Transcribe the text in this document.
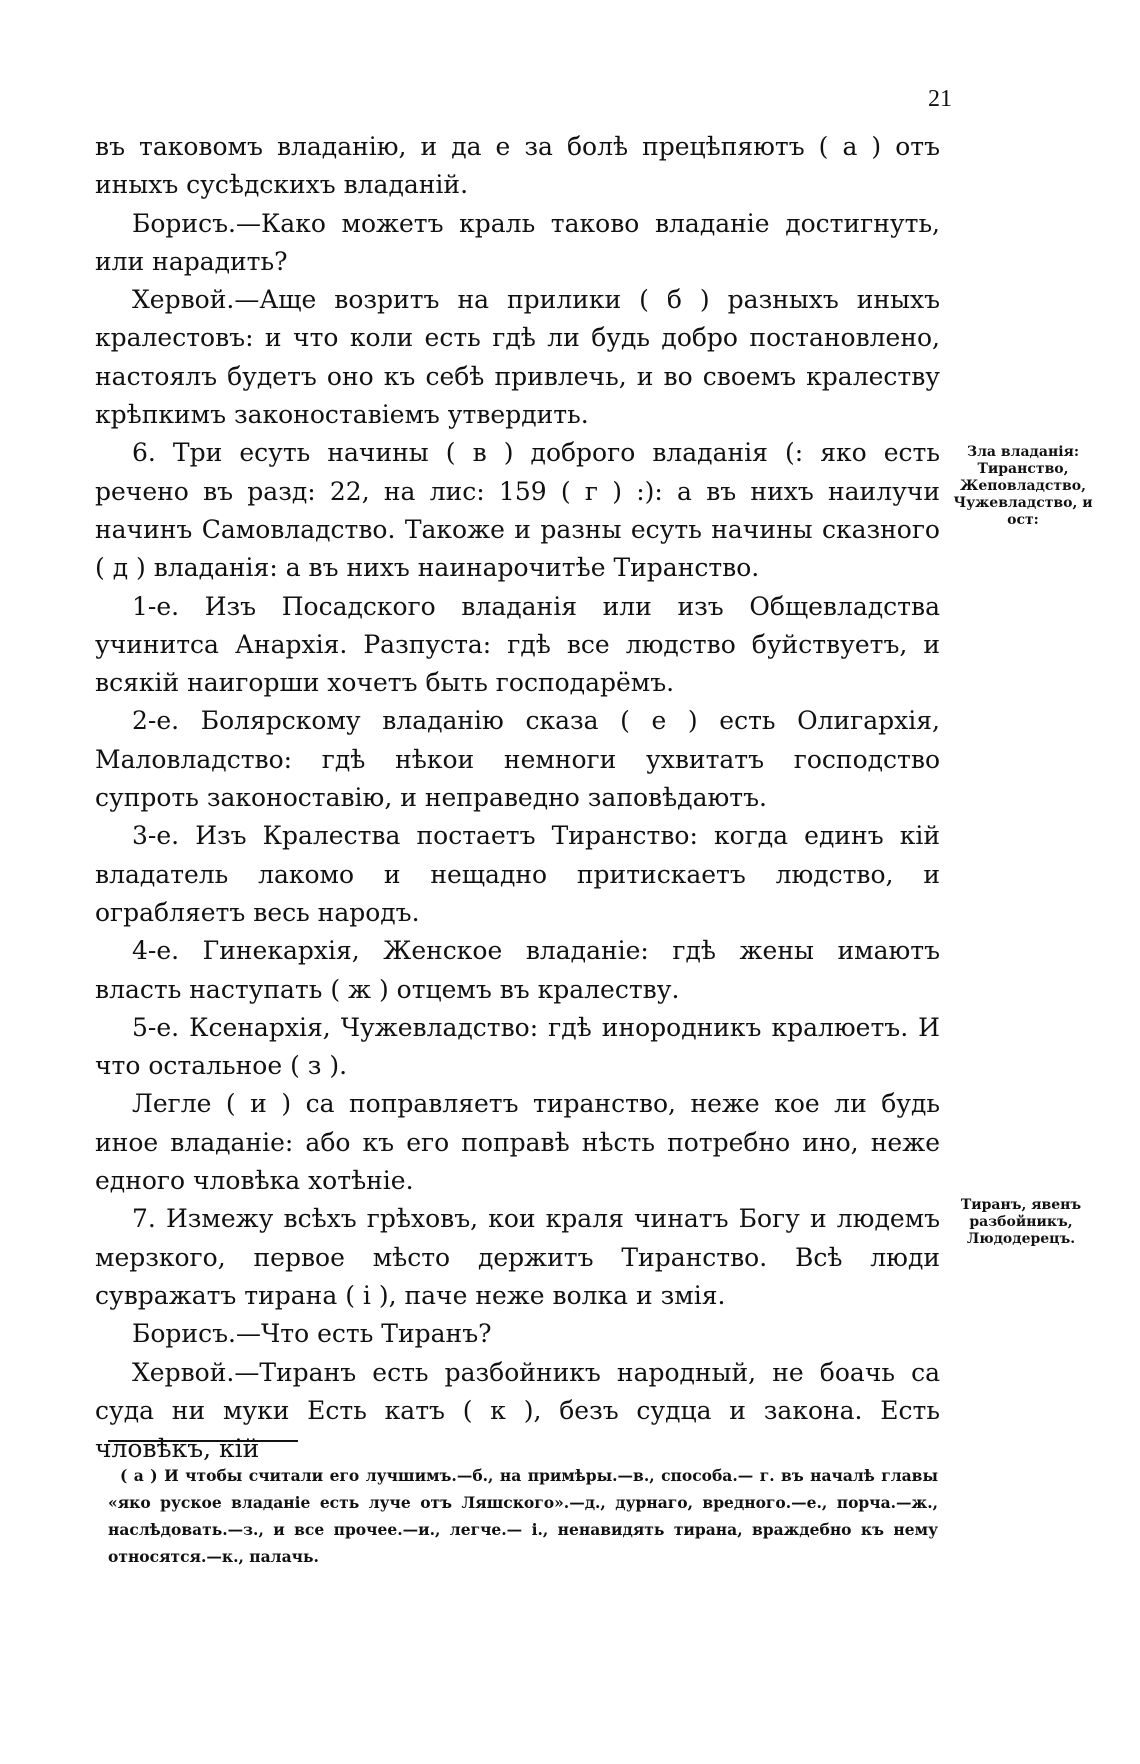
21

въ таковомъ владанію, и да е за болѣ прецѣпяютъ ( а ) отъ иныхъ сусѣдскихъ владаній.

Борисъ.—Како можетъ краль таково владаніе достигнуть, или нарадить?

Хервой.—Аще возритъ на прилики ( б ) разныхъ иныхъ кралестовъ: и что коли есть гдѣ ли будь добро постановлено, настоялъ будетъ оно къ себѣ привлечь, и во своемъ кралеству крѣпкимъ законоставіемъ утвердить.

6. Три есуть начины ( в ) доброго владанія (: яко есть речено въ разд: 22, на лис: 159 ( г ) :): а въ нихъ наилучи начинъ Самовладство. Такоже и разны есуть начины сказного ( д ) владанія: а въ нихъ наинарочитѣе Тиранство.

1-е. Изъ Посадского владанія или изъ Общевладства учинитса Анархія. Разпуста: гдѣ все людство буйствуетъ, и всякій наигорши хочетъ быть господарёмъ.

2-е. Болярскому владанію сказа ( е ) есть Олигархія, Маловладство: гдѣ нѣкои немноги ухвитатъ господство супроть законоставію, и неправедно заповѣдаютъ.

3-е. Изъ Кралества постаетъ Тиранство: когда единъ кій владатель лакомо и нещадно притискаетъ людство, и ограбляетъ весь народъ.

4-е. Гинекархія, Женское владаніе: гдѣ жены имаютъ власть наступать ( ж ) отцемъ въ кралеству.

5-е. Ксенархія, Чужевладство: гдѣ инородникъ кралюетъ. И что остальное ( з ).

Легле ( и ) са поправляетъ тиранство, неже кое ли будь иное владаніе: або къ его поправѣ нѣсть потребно ино, неже едного чловѣка хотѣніе.

7. Измежу всѣхъ грѣховъ, кои краля чинатъ Богу и людемъ мерзкого, первое мѣсто держитъ Тиранство. Всѣ люди суврaжатъ тирана ( і ), паче неже волка и змія.

Борисъ.—Что есть Тиранъ?

Хервой.—Тиранъ есть разбойникъ народный, не боачь са суда ни муки Есть катъ ( к ), безъ судца и закона. Есть чловѣкъ, кій

Зла владанія: Тиранство, Жеповладство, Чужевладство, и ост:
Тиранъ, явенъ разбойникъ, Людодерецъ.

( а ) И чтобы считали его лучшимъ.—б., на примѣры.—в., способа.— г. въ началѣ главы «яко руское владаніе есть луче отъ Ляшского».—д., дурнаго, вредного.—е., порча.—ж., наслѣдовать.—з., и все прочее.—и., легче.— і., ненавидять тирана, враждебно къ нему относятся.—к., палачь.
